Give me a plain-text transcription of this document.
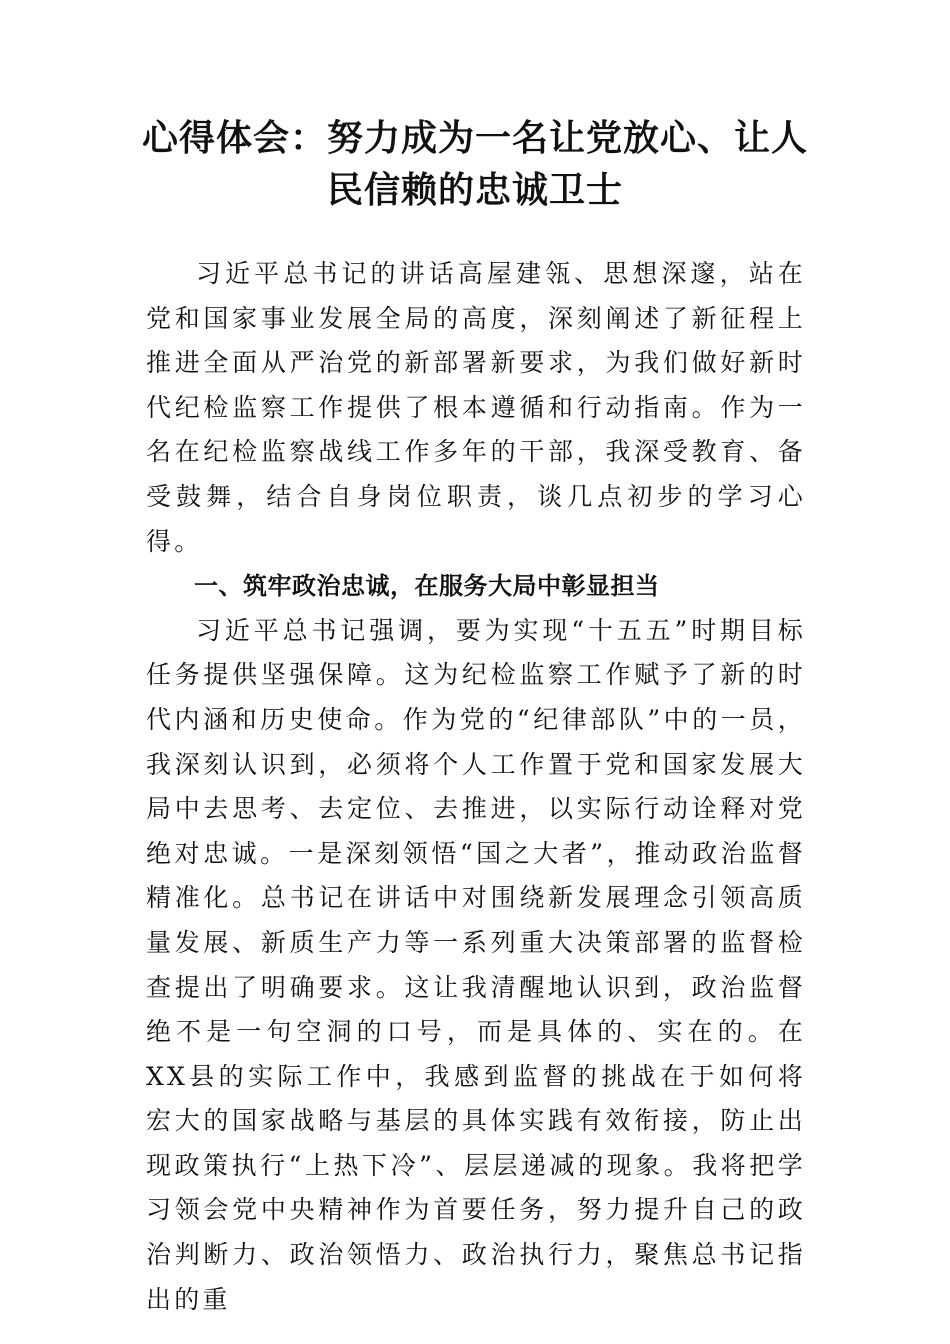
心得体会：努力成为一名让党放心、让人
民信赖的忠诚卫士

习近平总书记的讲话高屋建瓴、思想深邃，站在党和国家事业发展全局的高度，深刻阐述了新征程上推进全面从严治党的新部署新要求，为我们做好新时代纪检监察工作提供了根本遵循和行动指南。作为一名在纪检监察战线工作多年的干部，我深受教育、备受鼓舞，结合自身岗位职责，谈几点初步的学习心得。

一、筑牢政治忠诚，在服务大局中彰显担当

习近平总书记强调，要为实现“十五五”时期目标任务提供坚强保障。这为纪检监察工作赋予了新的时代内涵和历史使命。作为党的“纪律部队”中的一员，我深刻认识到，必须将个人工作置于党和国家发展大局中去思考、去定位、去推进，以实际行动诠释对党绝对忠诚。一是深刻领悟“国之大者”，推动政治监督精准化。总书记在讲话中对围绕新发展理念引领高质量发展、新质生产力等一系列重大决策部署的监督检查提出了明确要求。这让我清醒地认识到，政治监督绝不是一句空洞的口号，而是具体的、实在的。在XX县的实际工作中，我感到监督的挑战在于如何将宏大的国家战略与基层的具体实践有效衔接，防止出现政策执行“上热下冷”、层层递减的现象。我将把学习领会党中央精神作为首要任务，努力提升自己的政治判断力、政治领悟力、政治执行力，聚焦总书记指出的重
